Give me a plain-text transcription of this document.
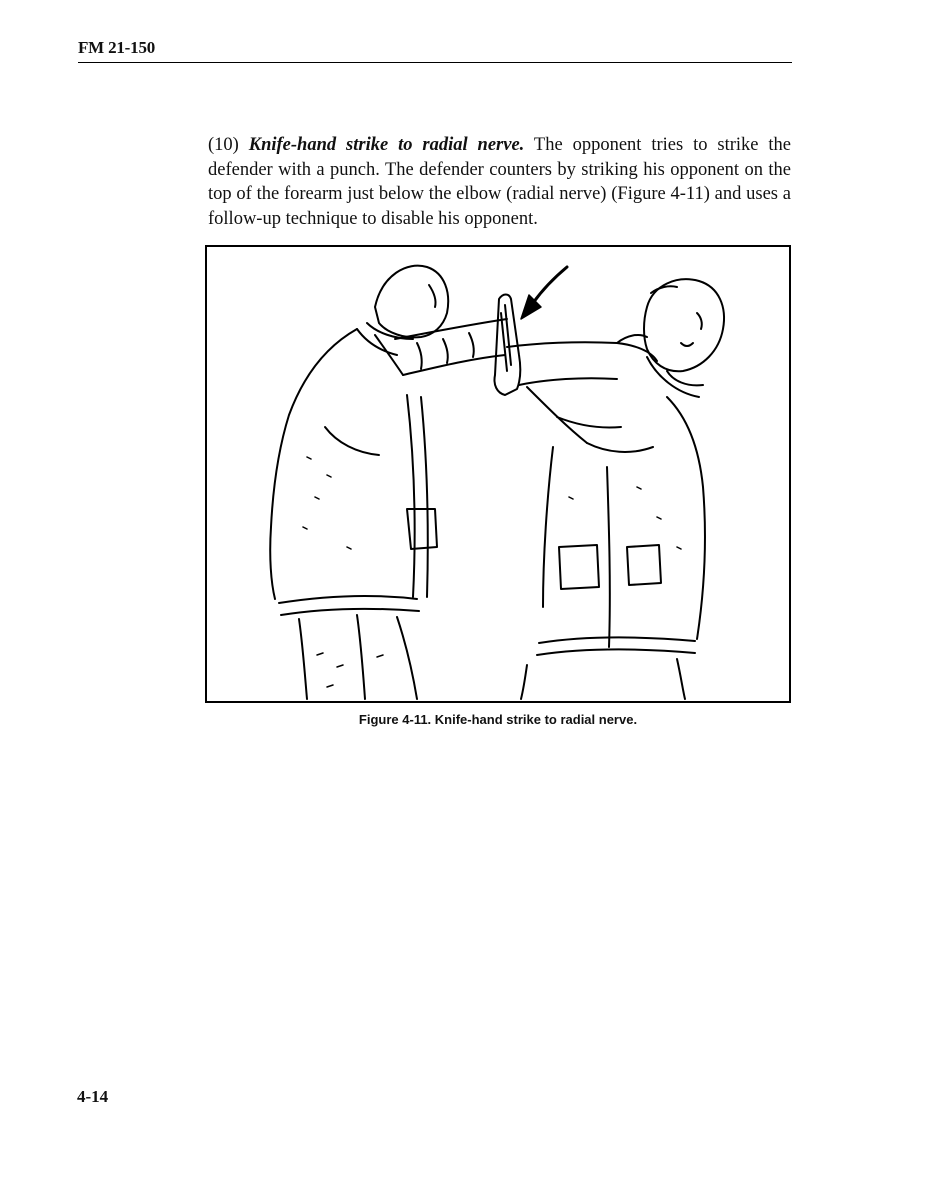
FM 21-150

(10) Knife-hand strike to radial nerve. The opponent tries to strike the defender with a punch. The defender counters by striking his opponent on the top of the forearm just below the elbow (radial nerve) (Figure 4-11) and uses a follow-up technique to disable his opponent.

Figure 4-11. Knife-hand strike to radial nerve.
4-14
